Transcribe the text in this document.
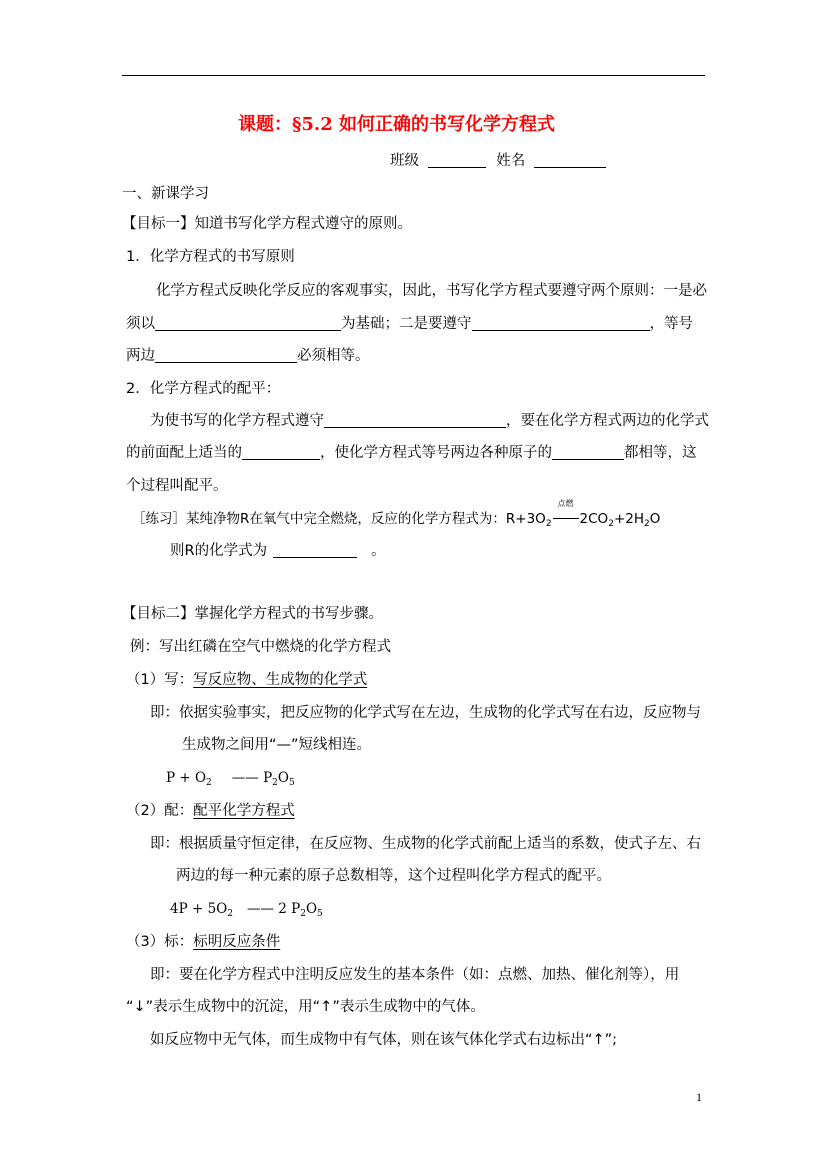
课题：§5.2 如何正确的书写化学方程式
班级	姓名
一、新课学习
【目标一】知道书写化学方程式遵守的原则。
1．化学方程式的书写原则
化学方程式反映化学反应的客观事实，因此，书写化学方程式要遵守两个原则：一是必
须以	为基础；二是要遵守	，等号
两边	必须相等。
2．化学方程式的配平：
为使书写的化学方程式遵守	，要在化学方程式两边的化学式
的前面配上适当的	，使化学方程式等号两边各种原子的	都相等，这
个过程叫配平。
［练习］某纯净物R在氧气中完全燃烧，反应的化学方程式为：$R+3O_2$
点燃
$2CO_2+2H_2O$
则R的化学式为	。
【目标二】掌握化学方程式的书写步骤。
例：写出红磷在空气中燃烧的化学方程式
（1）写：写反应物、生成物的化学式
即：依据实验事实，把反应物的化学式写在左边，生成物的化学式写在右边，反应物与
生成物之间用“—”短线相连。
$P + O_2$ —— $P_2O_5$
（2）配：配平化学方程式
即：根据质量守恒定律，在反应物、生成物的化学式前配上适当的系数，使式子左、右
两边的每一种元素的原子总数相等，这个过程叫化学方程式的配平。
$4P + 5O_2$ —— 2 $P_2O_5$
（3）标：标明反应条件
即：要在化学方程式中注明反应发生的基本条件（如：点燃、加热、催化剂等），用
“↓”表示生成物中的沉淀，用“↑”表示生成物中的气体。
如反应物中无气体，而生成物中有气体，则在该气体化学式右边标出“↑”;
1
